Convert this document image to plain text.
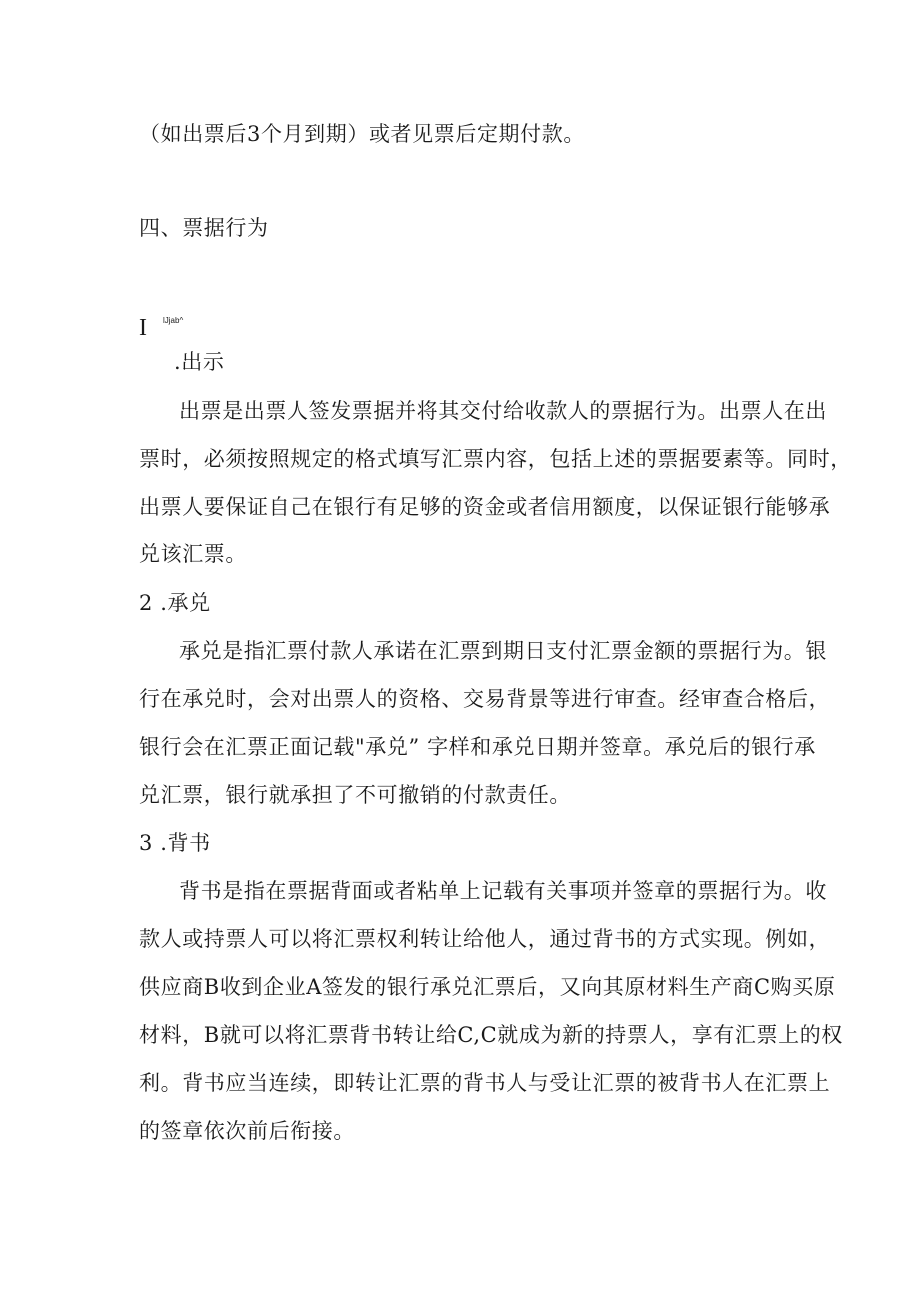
（如出票后3个月到期）或者见票后定期付款。
四、票据行为
I lJjab^
.出示
出票是出票人签发票据并将其交付给收款人的票据行为。出票人在出
票时，必须按照规定的格式填写汇票内容，包括上述的票据要素等。同时，
出票人要保证自己在银行有足够的资金或者信用额度，以保证银行能够承
兑该汇票。
2 .承兑
承兑是指汇票付款人承诺在汇票到期日支付汇票金额的票据行为。银
行在承兑时，会对出票人的资格、交易背景等进行审查。经审查合格后，
银行会在汇票正面记载"承兑” 字样和承兑日期并签章。承兑后的银行承
兑汇票，银行就承担了不可撤销的付款责任。
3 .背书
背书是指在票据背面或者粘单上记载有关事项并签章的票据行为。收
款人或持票人可以将汇票权利转让给他人，通过背书的方式实现。例如，
供应商B收到企业A签发的银行承兑汇票后，又向其原材料生产商C购买原
材料，B就可以将汇票背书转让给C,C就成为新的持票人，享有汇票上的权
利。背书应当连续，即转让汇票的背书人与受让汇票的被背书人在汇票上
的签章依次前后衔接。
